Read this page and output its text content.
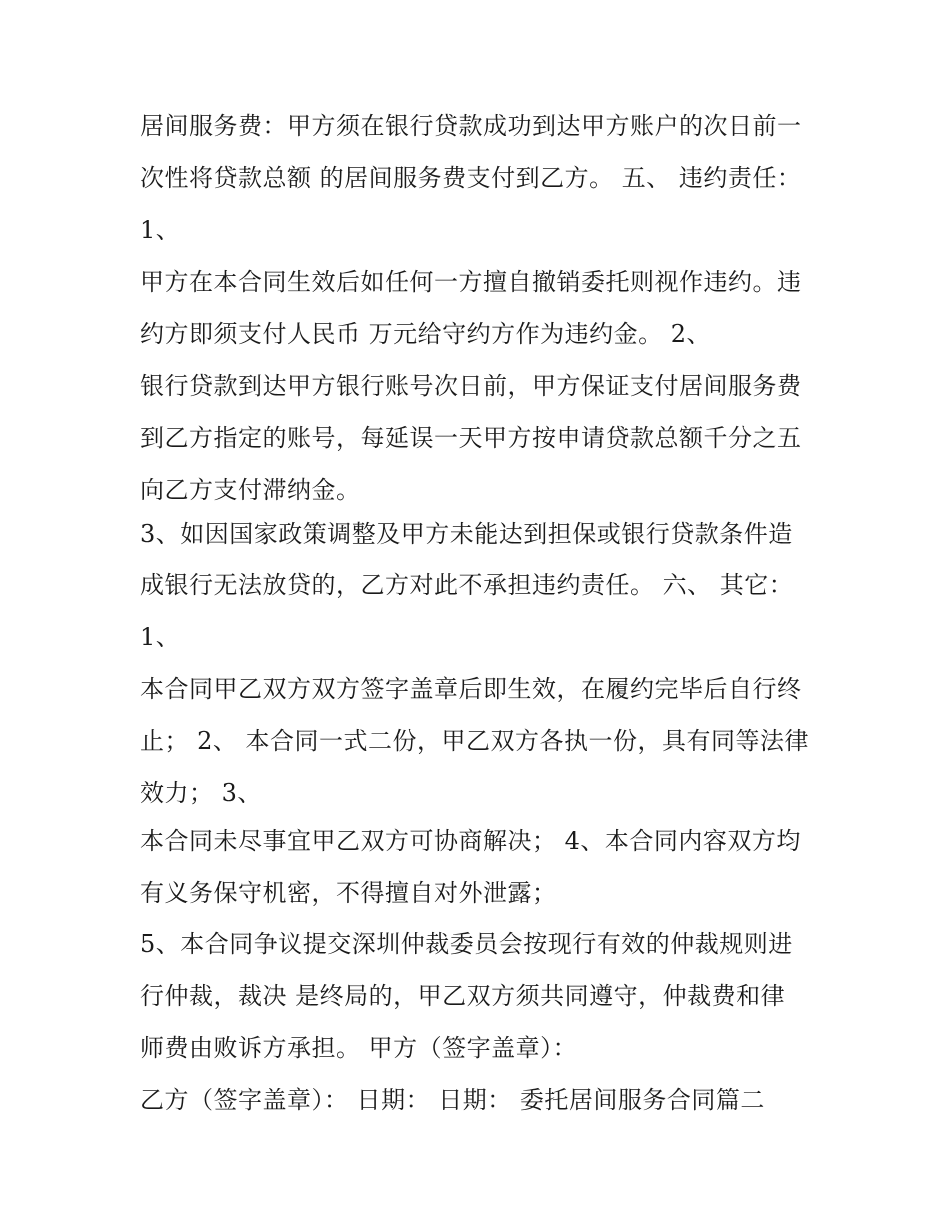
居间服务费：甲方须在银行贷款成功到达甲方账户的次日前一
次性将贷款总额 的居间服务费支付到乙方。 五、 违约责任：
1、
甲方在本合同生效后如任何一方擅自撤销委托则视作违约。违
约方即须支付人民币 万元给守约方作为违约金。 2、
银行贷款到达甲方银行账号次日前，甲方保证支付居间服务费
到乙方指定的账号，每延误一天甲方按申请贷款总额千分之五
向乙方支付滞纳金。
3、如因国家政策调整及甲方未能达到担保或银行贷款条件造
成银行无法放贷的，乙方对此不承担违约责任。 六、 其它：
1、
本合同甲乙双方双方签字盖章后即生效，在履约完毕后自行终
止； 2、 本合同一式二份，甲乙双方各执一份，具有同等法律
效力； 3、
本合同未尽事宜甲乙双方可协商解决； 4、本合同内容双方均
有义务保守机密，不得擅自对外泄露；
5、本合同争议提交深圳仲裁委员会按现行有效的仲裁规则进
行仲裁，裁决 是终局的，甲乙双方须共同遵守，仲裁费和律
师费由败诉方承担。 甲方（签字盖章）：
乙方（签字盖章）： 日期： 日期： 委托居间服务合同篇二
